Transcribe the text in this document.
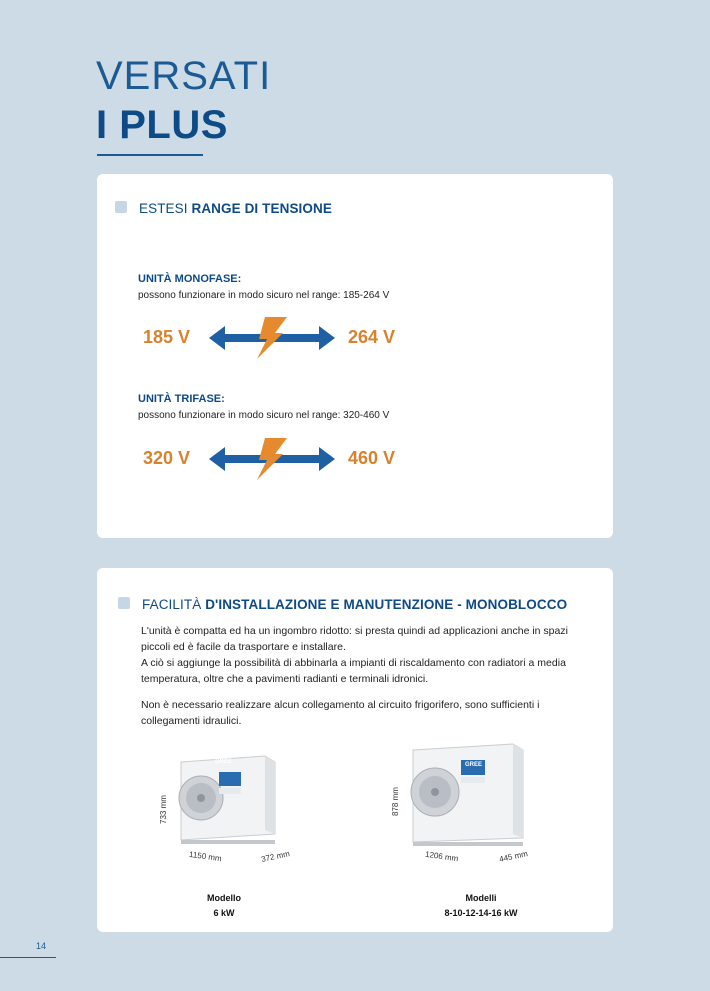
VERSATI
I PLUS
ESTESI RANGE DI TENSIONE
UNITÀ MONOFASE:
possono funzionare in modo sicuro nel range: 185-264 V
185 V	264 V
UNITÀ TRIFASE:
possono funzionare in modo sicuro nel range: 320-460 V
320 V	460 V
FACILITÀ D'INSTALLAZIONE E MANUTENZIONE - MONOBLOCCO

L'unità è compatta ed ha un ingombro ridotto: si presta quindi ad applicazioni anche in spazi piccoli ed è facile da trasportare e installare.

A ciò si aggiunge la possibilità di abbinarla a impianti di riscaldamento con radiatori a media temperatura, oltre che a pavimenti radianti e terminali idronici.

Non è necessario realizzare alcun collegamento al circuito frigorifero, sono sufficienti i collegamenti idraulici.

733 mm
GREE
1150 mm	372 mm
Modello
6 kW
878 mm
GREE
1206 mm	445 mm
Modelli
8-10-12-14-16 kW
14
